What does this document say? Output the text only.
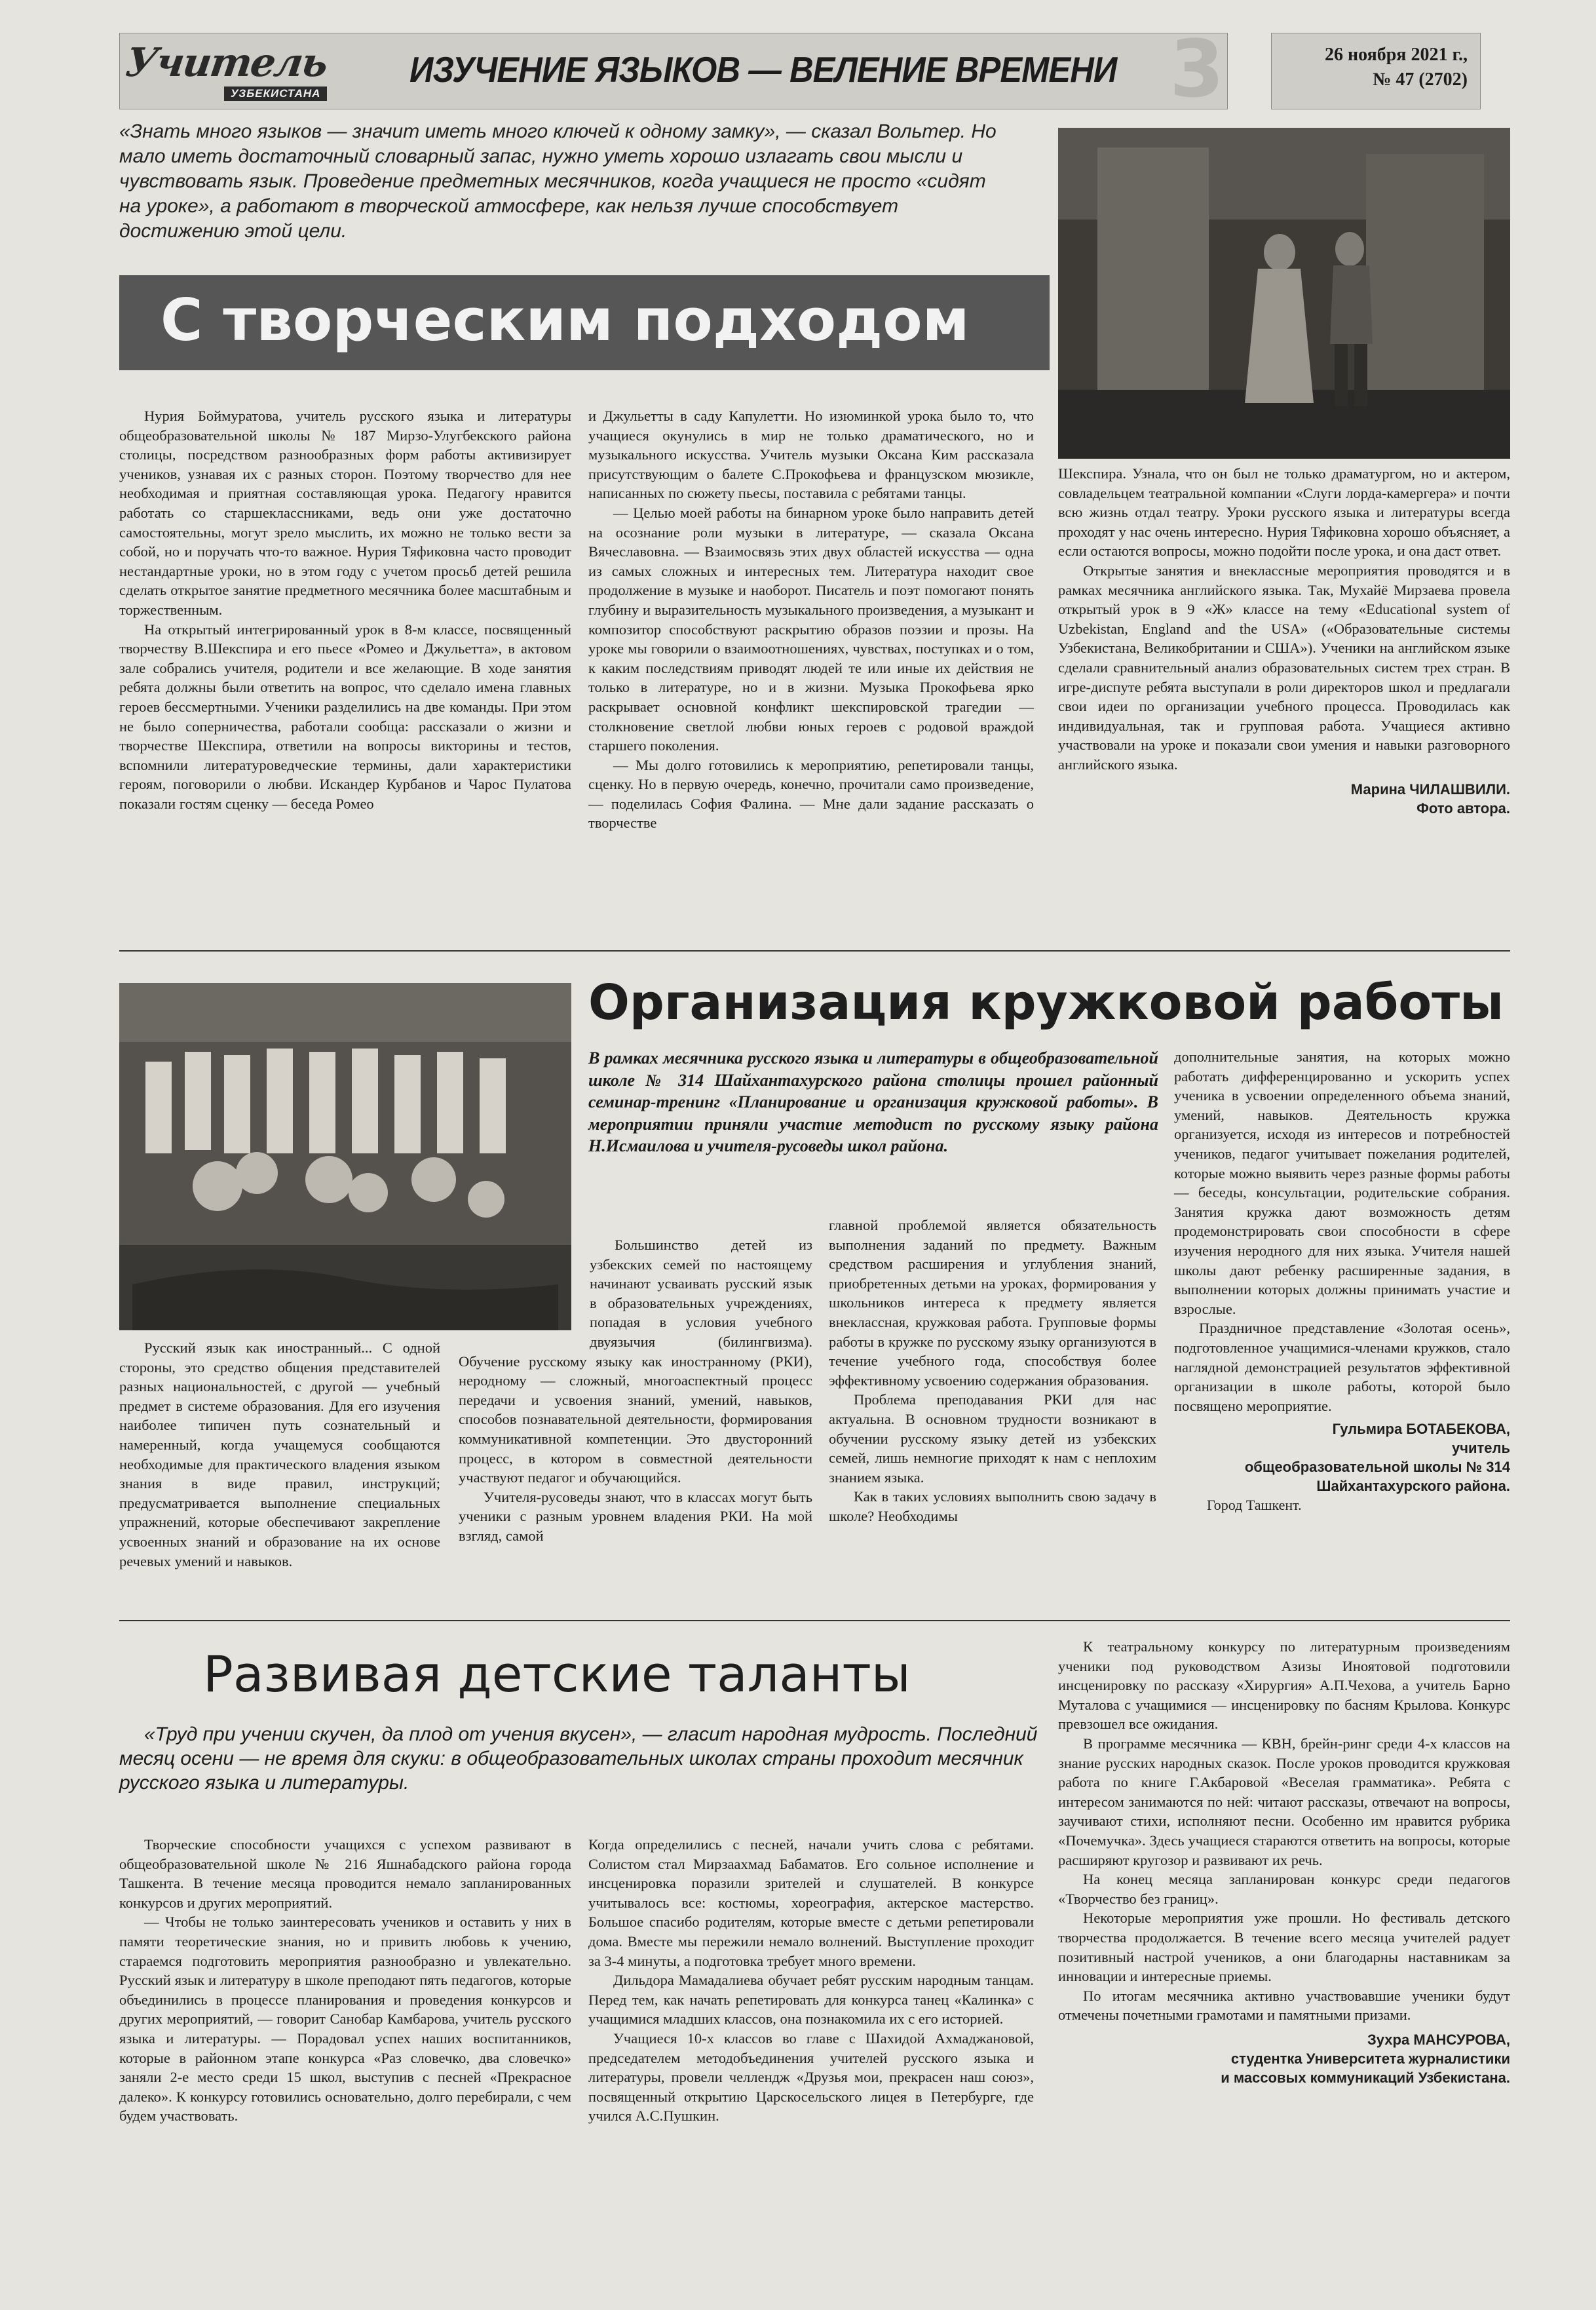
Учитель
УЗБЕКИСТАНА
ИЗУЧЕНИЕ ЯЗЫКОВ — ВЕЛЕНИЕ ВРЕМЕНИ 3	26 ноября 2021 г.,
№ 47 (2702)
«Знать много языков — значит иметь много ключей к одному замку», — сказал Вольтер. Но мало иметь достаточный словарный запас, нужно уметь хорошо излагать свои мысли и чувствовать язык. Проведение предметных месячников, когда учащиеся не просто «сидят на уроке», а работают в творческой атмосфере, как нельзя лучше способствует достижению этой цели.
С творческим подходом

Нурия Боймуратова, учитель русского языка и литературы общеобразовательной школы № 187 Мирзо-Улугбекского района столицы, посредством разнообразных форм работы активизирует учеников, узнавая их с разных сторон. Поэтому творчество для нее необходимая и приятная составляющая урока. Педагогу нравится работать со старшеклассниками, ведь они уже достаточно самостоятельны, могут зрело мыслить, их можно не только вести за собой, но и поручать что-то важное. Нурия Тяфиковна часто проводит нестандартные уроки, но в этом году с учетом просьб детей решила сделать открытое занятие предметного месячника более масштабным и торжественным.

На открытый интегрированный урок в 8-м классе, посвященный творчеству В.Шекспира и его пьесе «Ромео и Джульетта», в актовом зале собрались учителя, родители и все желающие. В ходе занятия ребята должны были ответить на вопрос, что сделало имена главных героев бессмертными. Ученики разделились на две команды. При этом не было соперничества, работали сообща: рассказали о жизни и творчестве Шекспира, ответили на вопросы викторины и тестов, вспомнили литературоведческие термины, дали характеристики героям, поговорили о любви. Искандер Курбанов и Чарос Пулатова показали гостям сценку — беседа Ромео

и Джульетты в саду Капулетти. Но изюминкой урока было то, что учащиеся окунулись в мир не только драматического, но и музыкального искусства. Учитель музыки Оксана Ким рассказала присутствующим о балете С.Прокофьева и французском мюзикле, написанных по сюжету пьесы, поставила с ребятами танцы.

— Целью моей работы на бинарном уроке было направить детей на осознание роли музыки в литературе, — сказала Оксана Вячеславовна. — Взаимосвязь этих двух областей искусства — одна из самых сложных и интересных тем. Литература находит свое продолжение в музыке и наоборот. Писатель и поэт помогают понять глубину и выразительность музыкального произведения, а музыкант и композитор способствуют раскрытию образов поэзии и прозы. На уроке мы говорили о взаимоотношениях, чувствах, поступках и о том, к каким последствиям приводят людей те или иные их действия не только в литературе, но и в жизни. Музыка Прокофьева ярко раскрывает основной конфликт шекспировской трагедии — столкновение светлой любви юных героев с родовой враждой старшего поколения.

— Мы долго готовились к мероприятию, репетировали танцы, сценку. Но в первую очередь, конечно, прочитали само произведение, — поделилась София Фалина. — Мне дали задание рассказать о творчестве

Шекспира. Узнала, что он был не только драматургом, но и актером, совладельцем театральной компании «Слуги лорда-камергера» и почти всю жизнь отдал театру. Уроки русского языка и литературы всегда проходят у нас очень интересно. Нурия Тяфиковна хорошо объясняет, а если остаются вопросы, можно подойти после урока, и она даст ответ.

Открытые занятия и внеклассные мероприятия проводятся и в рамках месячника английского языка. Так, Мухайё Мирзаева провела открытый урок в 9 «Ж» классе на тему «Educational system of Uzbekistan, England and the USA» («Образовательные системы Узбекистана, Великобритании и США»). Ученики на английском языке сделали сравнительный анализ образовательных систем трех стран. В игре-диспуте ребята выступали в роли директоров школ и предлагали свои идеи по организации учебного процесса. Проводилась как индивидуальная, так и групповая работа. Учащиеся активно участвовали на уроке и показали свои умения и навыки разговорного английского языка.

Марина ЧИЛАШВИЛИ.
Фото автора.
Организация кружковой работы
В рамках месячника русского языка и литературы в общеобразовательной школе № 314 Шайхантахурского района столицы прошел районный семинар-тренинг «Планирование и организация кружковой работы». В мероприятии приняли участие методист по русскому языку района Н.Исмаилова и учителя-русоведы школ района.

Русский язык как иностранный... С одной стороны, это средство общения представителей разных национальностей, с другой — учебный предмет в системе образования. Для его изучения наиболее типичен путь сознательный и намеренный, когда учащемуся сообщаются необходимые для практического владения языком знания в виде правил, инструкций; предусматривается выполнение специальных упражнений, которые обеспечивают закрепление усвоенных знаний и образование на их основе речевых умений и навыков.

Большинство детей из узбекских семей по настоящему начинают усваивать русский язык в образовательных учреждениях, попадая в условия учебного двуязычия (билингвизма). Обучение русскому языку как иностранному (РКИ), неродному — сложный, многоаспектный процесс передачи и усвоения знаний, умений, навыков, способов познавательной деятельности, формирования коммуникативной компетенции. Это двусторонний процесс, в котором в совместной деятельности участвуют педагог и обучающийся.

Учителя-русоведы знают, что в классах могут быть ученики с разным уровнем владения РКИ. На мой взгляд, самой

главной проблемой является обязательность выполнения заданий по предмету. Важным средством расширения и углубления знаний, приобретенных детьми на уроках, формирования у школьников интереса к предмету является внеклассная, кружковая работа. Групповые формы работы в кружке по русскому языку организуются в течение учебного года, способствуя более эффективному усвоению содержания образования.

Проблема преподавания РКИ для нас актуальна. В основном трудности возникают в обучении русскому языку детей из узбекских семей, лишь немногие приходят к нам с неплохим знанием языка.

Как в таких условиях выполнить свою задачу в школе? Необходимы

дополнительные занятия, на которых можно работать дифференцированно и ускорить успех ученика в усвоении определенного объема знаний, умений, навыков. Деятельность кружка организуется, исходя из интересов и потребностей учеников, педагог учитывает пожелания родителей, которые можно выявить через разные формы работы — беседы, консультации, родительские собрания. Занятия кружка дают возможность детям продемонстрировать свои способности в сфере изучения неродного для них языка. Учителя нашей школы дают ребенку расширенные задания, в выполнении которых должны принимать участие и взрослые.

Праздничное представление «Золотая осень», подготовленное учащимися-членами кружков, стало наглядной демонстрацией результатов эффективной организации в школе работы, которой было посвящено мероприятие.

Гульмира БОТАБЕКОВА,
учитель
общеобразовательной школы № 314
Шайхантахурского района.
Город Ташкент.
Развивая детские таланты
«Труд при учении скучен, да плод от учения вкусен», — гласит народная мудрость. Последний месяц осени — не время для скуки: в общеобразовательных школах страны проходит месячник русского языка и литературы.

Творческие способности учащихся с успехом развивают в общеобразовательной школе № 216 Яшнабадского района города Ташкента. В течение месяца проводится немало запланированных конкурсов и других мероприятий.

— Чтобы не только заинтересовать учеников и оставить у них в памяти теоретические знания, но и привить любовь к учению, стараемся подготовить мероприятия разнообразно и увлекательно. Русский язык и литературу в школе преподают пять педагогов, которые объединились в процессе планирования и проведения конкурсов и других мероприятий, — говорит Санобар Камбарова, учитель русского языка и литературы. — Порадовал успех наших воспитанников, которые в районном этапе конкурса «Раз словечко, два словечко» заняли 2-е место среди 15 школ, выступив с песней «Прекрасное далеко». К конкурсу готовились основательно, долго перебирали, с чем будем участвовать.

Когда определились с песней, начали учить слова с ребятами. Солистом стал Мирзаахмад Бабаматов. Его сольное исполнение и инсценировка поразили зрителей и слушателей. В конкурсе учитывалось все: костюмы, хореография, актерское мастерство. Большое спасибо родителям, которые вместе с детьми репетировали дома. Вместе мы пережили немало волнений. Выступление проходит за 3-4 минуты, а подготовка требует много времени.

Дильдора Мамадалиева обучает ребят русским народным танцам. Перед тем, как начать репетировать для конкурса танец «Калинка» с учащимися младших классов, она познакомила их с его историей.

Учащиеся 10-х классов во главе с Шахидой Ахмаджановой, председателем методобъединения учителей русского языка и литературы, провели челлендж «Друзья мои, прекрасен наш союз», посвященный открытию Царскосельского лицея в Петербурге, где учился А.С.Пушкин.

К театральному конкурсу по литературным произведениям ученики под руководством Азизы Иноятовой подготовили инсценировку по рассказу «Хирургия» А.П.Чехова, а учитель Барно Муталова с учащимися — инсценировку по басням Крылова. Конкурс превзошел все ожидания.

В программе месячника — КВН, брейн-ринг среди 4-х классов на знание русских народных сказок. После уроков проводится кружковая работа по книге Г.Акбаровой «Веселая грамматика». Ребята с интересом занимаются по ней: читают рассказы, отвечают на вопросы, заучивают стихи, исполняют песни. Особенно им нравится рубрика «Почемучка». Здесь учащиеся стараются ответить на вопросы, которые расширяют кругозор и развивают их речь.

На конец месяца запланирован конкурс среди педагогов «Творчество без границ».

Некоторые мероприятия уже прошли. Но фестиваль детского творчества продолжается. В течение всего месяца учителей радует позитивный настрой учеников, а они благодарны наставникам за инновации и интересные приемы.

По итогам месячника активно участвовавшие ученики будут отмечены почетными грамотами и памятными призами.

Зухра МАНСУРОВА,
студентка Университета журналистики
и массовых коммуникаций Узбекистана.
